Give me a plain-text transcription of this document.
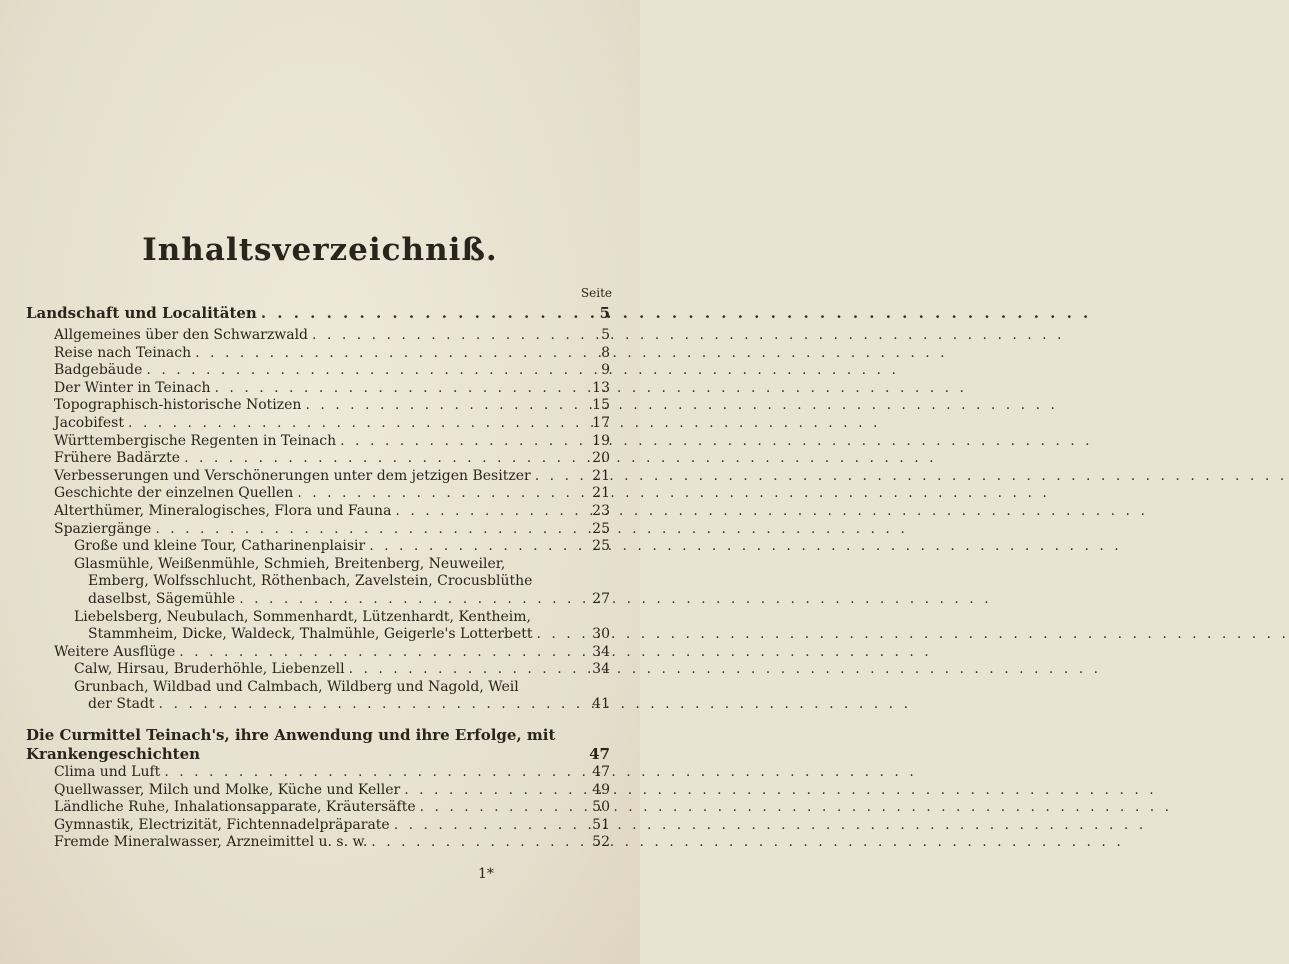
Inhaltsverzeichniß.
Seite
Landschaft und Localitäten . . .	5
Allgemeines über den Schwarzwald . . .	5
Reise nach Teinach . . .	8
Badgebäude . . .	9
Der Winter in Teinach . . .	13
Topographisch-historische Notizen . . .	15
Jacobifest . . .	17
Württembergische Regenten in Teinach . . .	19
Frühere Badärzte . . .	20
Verbesserungen und Verschönerungen unter dem jetzigen Besitzer . . .	21
Geschichte der einzelnen Quellen . . .	21
Alterthümer, Mineralogisches, Flora und Fauna . . .	23
Spaziergänge . . .	25
Große und kleine Tour, Catharinenplaisir . . .	25
Glasmühle, Weißenmühle, Schmieh, Breitenberg, Neuweiler,
Emberg, Wolfsschlucht, Röthenbach, Zavelstein, Crocusblüthe
daselbst, Sägemühle . . .	27
Liebelsberg, Neubulach, Sommenhardt, Lützenhardt, Kentheim,
Stammheim, Dicke, Waldeck, Thalmühle, Geigerle's Lotterbett . . .	30
Weitere Ausflüge . . .	34
Calw, Hirsau, Bruderhöhle, Liebenzell . . .	34
Grunbach, Wildbad und Calmbach, Wildberg und Nagold, Weil
der Stadt . . .	41
Die Curmittel Teinach's, ihre Anwendung und ihre Erfolge, mit Krankengeschichten	47
Clima und Luft . . .	47
Quellwasser, Milch und Molke, Küche und Keller . . .	49
Ländliche Ruhe, Inhalationsapparate, Kräutersäfte . . .	50
Gymnastik, Electrizität, Fichtennadelpräparate . . .	51
Fremde Mineralwasser, Arzneimittel u. s. w. . . .	52
1*
